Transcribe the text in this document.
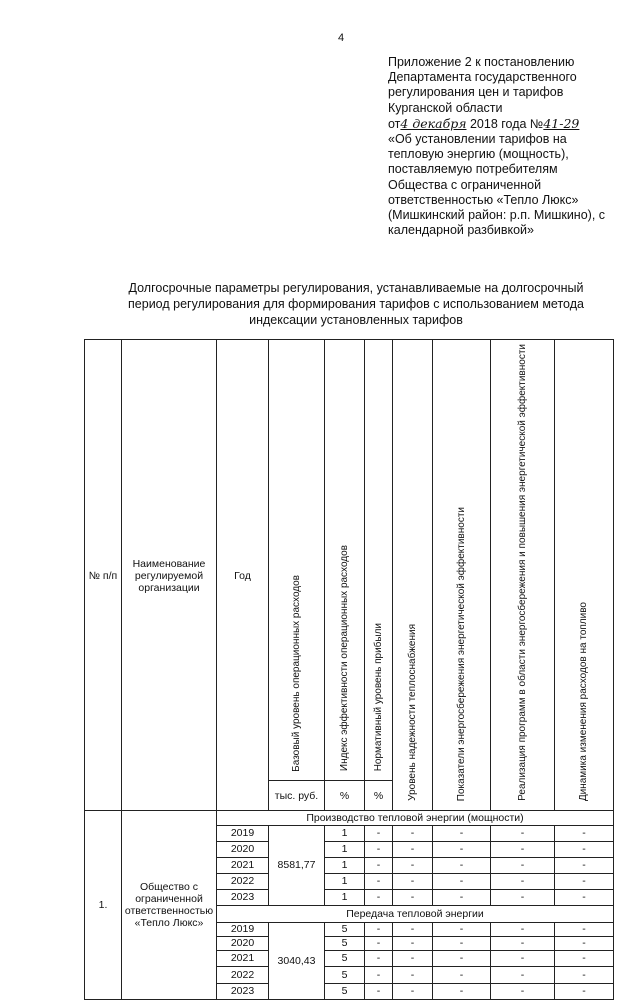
4
Приложение 2 к постановлению
Департамента государственного
регулирования цен и тарифов
Курганской области
от4 декабря 2018 года №41-29
«Об установлении тарифов на
тепловую энергию (мощность),
поставляемую потребителям
Общества с ограниченной
ответственностью «Тепло Люкс»
(Мишкинский район: р.п. Мишкино), с
календарной разбивкой»
Долгосрочные параметры регулирования, устанавливаемые на долгосрочный
период регулирования для формирования тарифов с использованием метода
индексации установленных тарифов
№ п/п	Наименование регулируемой организации	Год	Базовый уровень операционных расходов	Индекс эффективности операционных расходов	Нормативный уровень прибыли	Уровень надежности теплоснабжения	Показатели энергосбережения энергетической эффективности	Реализация программ в области энергосбережения и повышения энергетической эффективности	Динамика изменения расходов на топливо
			тыс. руб.	%	%				
1.	Общество с ограниченной ответственностью «Тепло Люкс»	Производство тепловой энергии (мощности)							
		2019	8581,77	1	-	-	-	-	-
		2020		1	-	-	-	-	-
		2021		1	-	-	-	-	-
		2022		1	-	-	-	-	-
		2023		1	-	-	-	-	-
		Передача тепловой энергии							
		2019	3040,43	5	-	-	-	-	-
		2020		5	-	-	-	-	-
		2021		5	-	-	-	-	-
		2022		5	-	-	-	-	-
		2023		5	-	-	-	-	-
